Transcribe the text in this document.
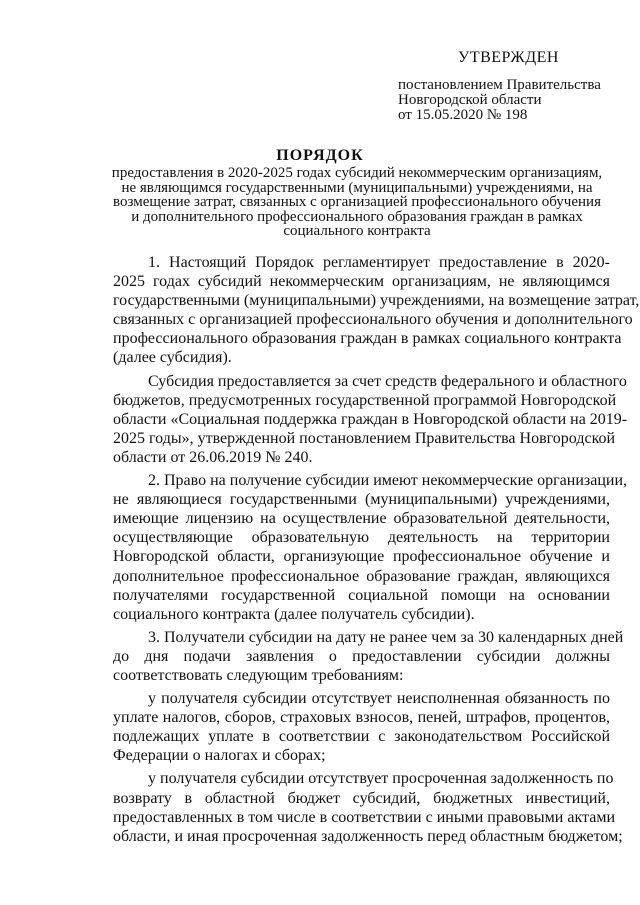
УТВЕРЖДЕН
постановлением Правительства
Новгородской области
от 15.05.2020 № 198
ПОРЯДОК
предоставления в 2020-2025 годах субсидий некоммерческим организациям,
не являющимся государственными (муниципальными) учреждениями, на
возмещение затрат, связанных с организацией профессионального обучения
и дополнительного профессионального образования граждан в рамках
социального контракта
1. Настоящий Порядок регламентирует предоставление в 2020-
2025 годах субсидий некоммерческим организациям, не являющимся
государственными (муниципальными) учреждениями, на возмещение затрат,
связанных с организацией профессионального обучения и дополнительного
профессионального образования граждан в рамках социального контракта
(далее субсидия).
Субсидия предоставляется за счет средств федерального и областного
бюджетов, предусмотренных государственной программой Новгородской
области «Социальная поддержка граждан в Новгородской области на 2019-
2025 годы», утвержденной постановлением Правительства Новгородской
области от 26.06.2019 № 240.
2. Право на получение субсидии имеют некоммерческие организации,
не являющиеся государственными (муниципальными) учреждениями,
имеющие лицензию на осуществление образовательной деятельности,
осуществляющие образовательную деятельность на территории
Новгородской области, организующие профессиональное обучение и
дополнительное профессиональное образование граждан, являющихся
получателями государственной социальной помощи на основании
социального контракта (далее получатель субсидии).
3. Получатели субсидии на дату не ранее чем за 30 календарных дней
до дня подачи заявления о предоставлении субсидии должны
соответствовать следующим требованиям:
у получателя субсидии отсутствует неисполненная обязанность по
уплате налогов, сборов, страховых взносов, пеней, штрафов, процентов,
подлежащих уплате в соответствии с законодательством Российской
Федерации о налогах и сборах;
у получателя субсидии отсутствует просроченная задолженность по
возврату в областной бюджет субсидий, бюджетных инвестиций,
предоставленных в том числе в соответствии с иными правовыми актами
области, и иная просроченная задолженность перед областным бюджетом;
